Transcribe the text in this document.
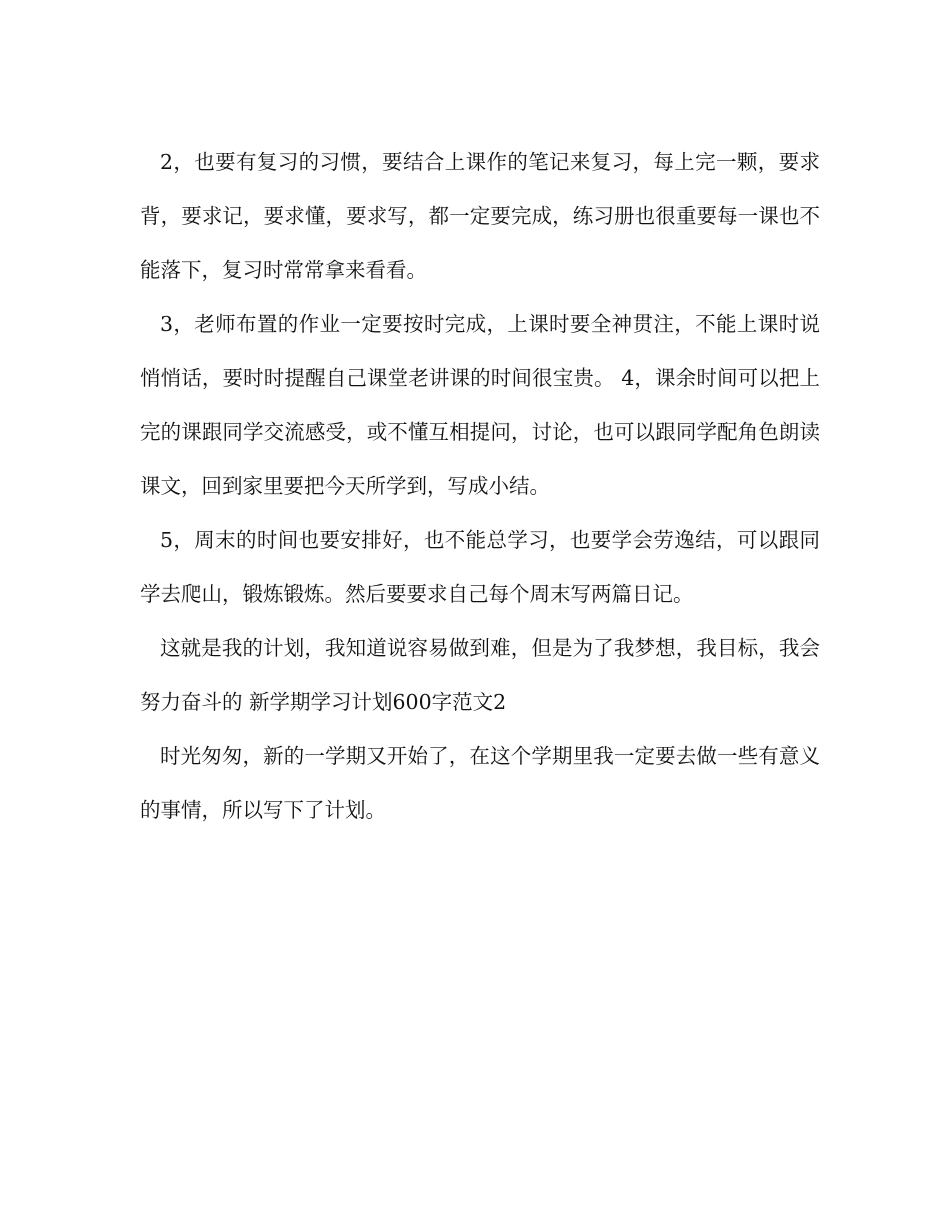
2，也要有复习的习惯，要结合上课作的笔记来复习，每上完一颗，要求背，要求记，要求懂，要求写，都一定要完成，练习册也很重要每一课也不能落下，复习时常常拿来看看。

3，老师布置的作业一定要按时完成，上课时要全神贯注，不能上课时说悄悄话，要时时提醒自己课堂老讲课的时间很宝贵。 4，课余时间可以把上完的课跟同学交流感受，或不懂互相提问，讨论，也可以跟同学配角色朗读课文，回到家里要把今天所学到，写成小结。

5，周末的时间也要安排好，也不能总学习，也要学会劳逸结，可以跟同学去爬山，锻炼锻炼。然后要要求自己每个周末写两篇日记。

这就是我的计划，我知道说容易做到难，但是为了我梦想，我目标，我会努力奋斗的 新学期学习计划600字范文2

时光匆匆，新的一学期又开始了，在这个学期里我一定要去做一些有意义的事情，所以写下了计划。
